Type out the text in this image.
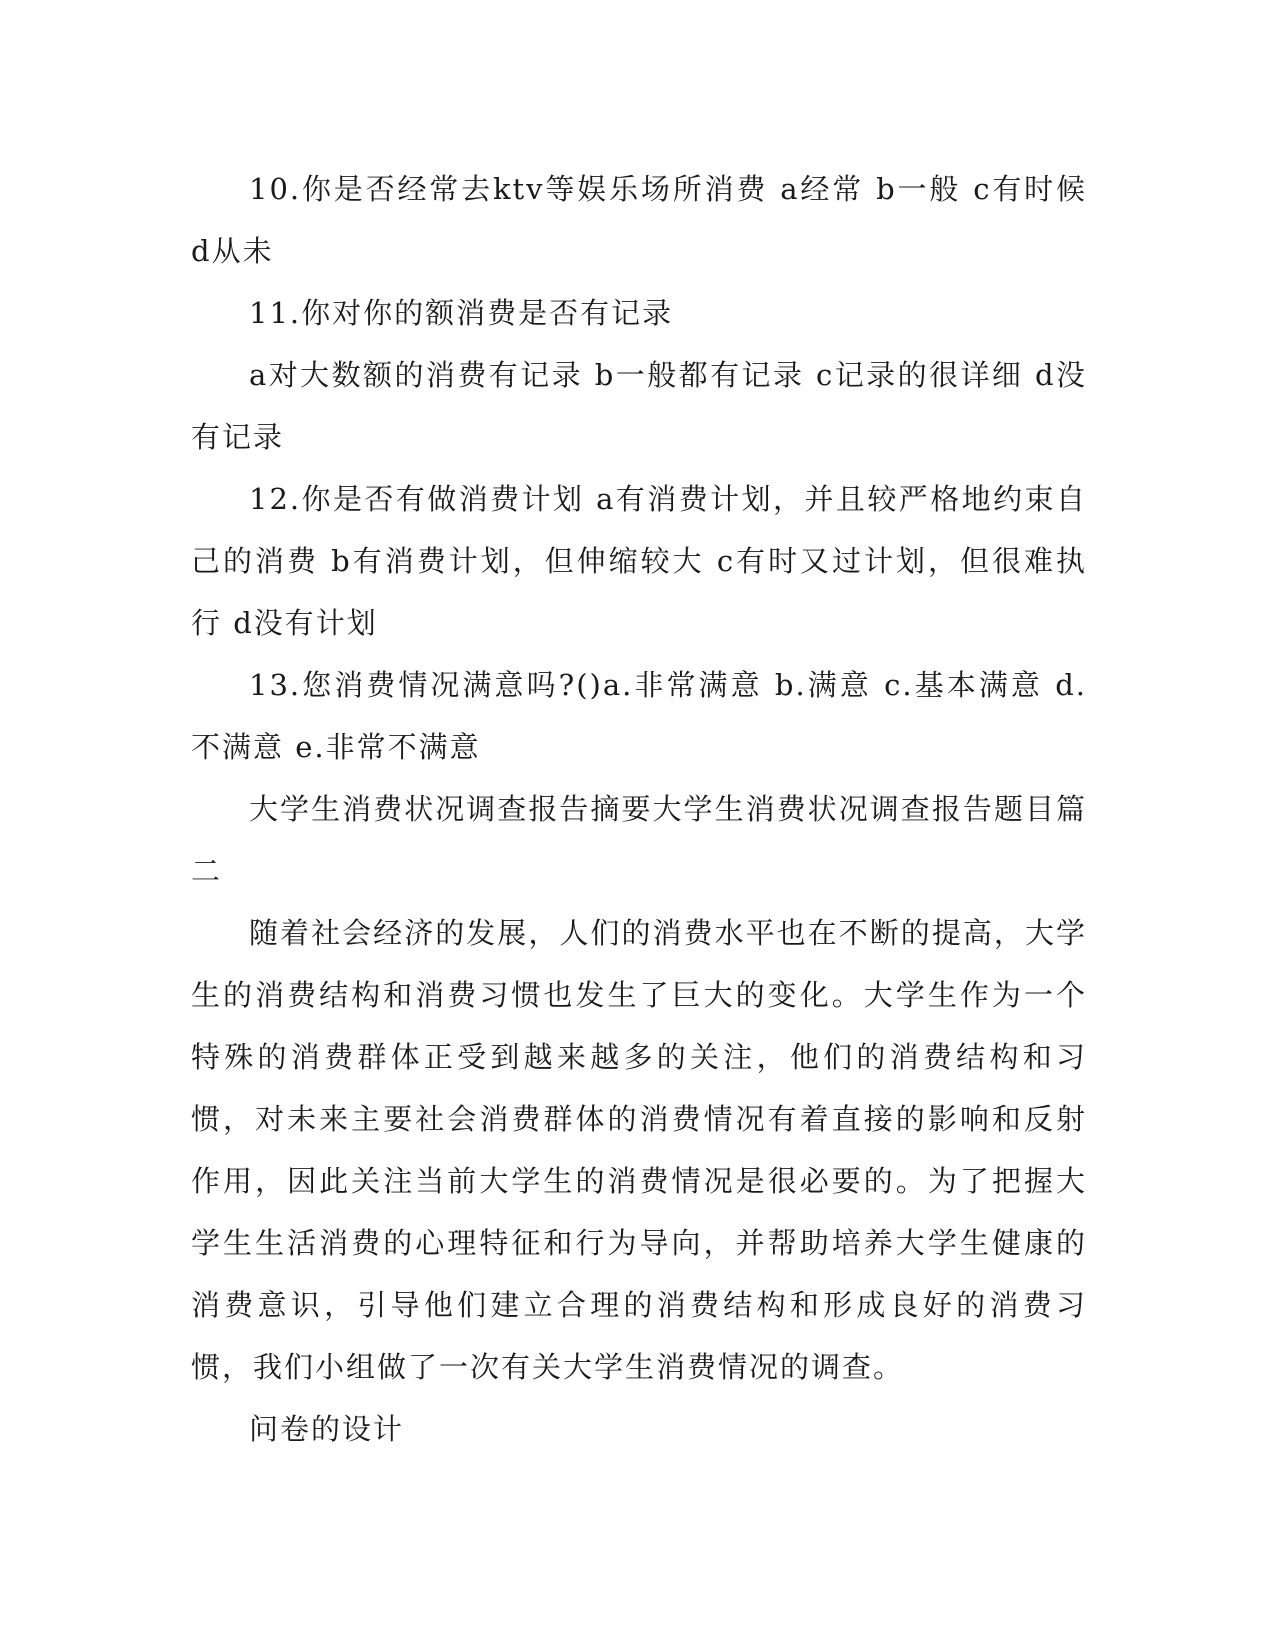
10.你是否经常去ktv等娱乐场所消费 a经常 b一般 c有时候 d从未

11.你对你的额消费是否有记录

a对大数额的消费有记录 b一般都有记录 c记录的很详细 d没有记录

12.你是否有做消费计划 a有消费计划，并且较严格地约束自己的消费 b有消费计划，但伸缩较大 c有时又过计划，但很难执行 d没有计划

13.您消费情况满意吗?()a.非常满意 b.满意 c.基本满意 d.不满意 e.非常不满意

大学生消费状况调查报告摘要大学生消费状况调查报告题目篇二

随着社会经济的发展，人们的消费水平也在不断的提高，大学生的消费结构和消费习惯也发生了巨大的变化。大学生作为一个特殊的消费群体正受到越来越多的关注，他们的消费结构和习惯，对未来主要社会消费群体的消费情况有着直接的影响和反射作用，因此关注当前大学生的消费情况是很必要的。为了把握大学生生活消费的心理特征和行为导向，并帮助培养大学生健康的消费意识，引导他们建立合理的消费结构和形成良好的消费习惯，我们小组做了一次有关大学生消费情况的调查。

问卷的设计
